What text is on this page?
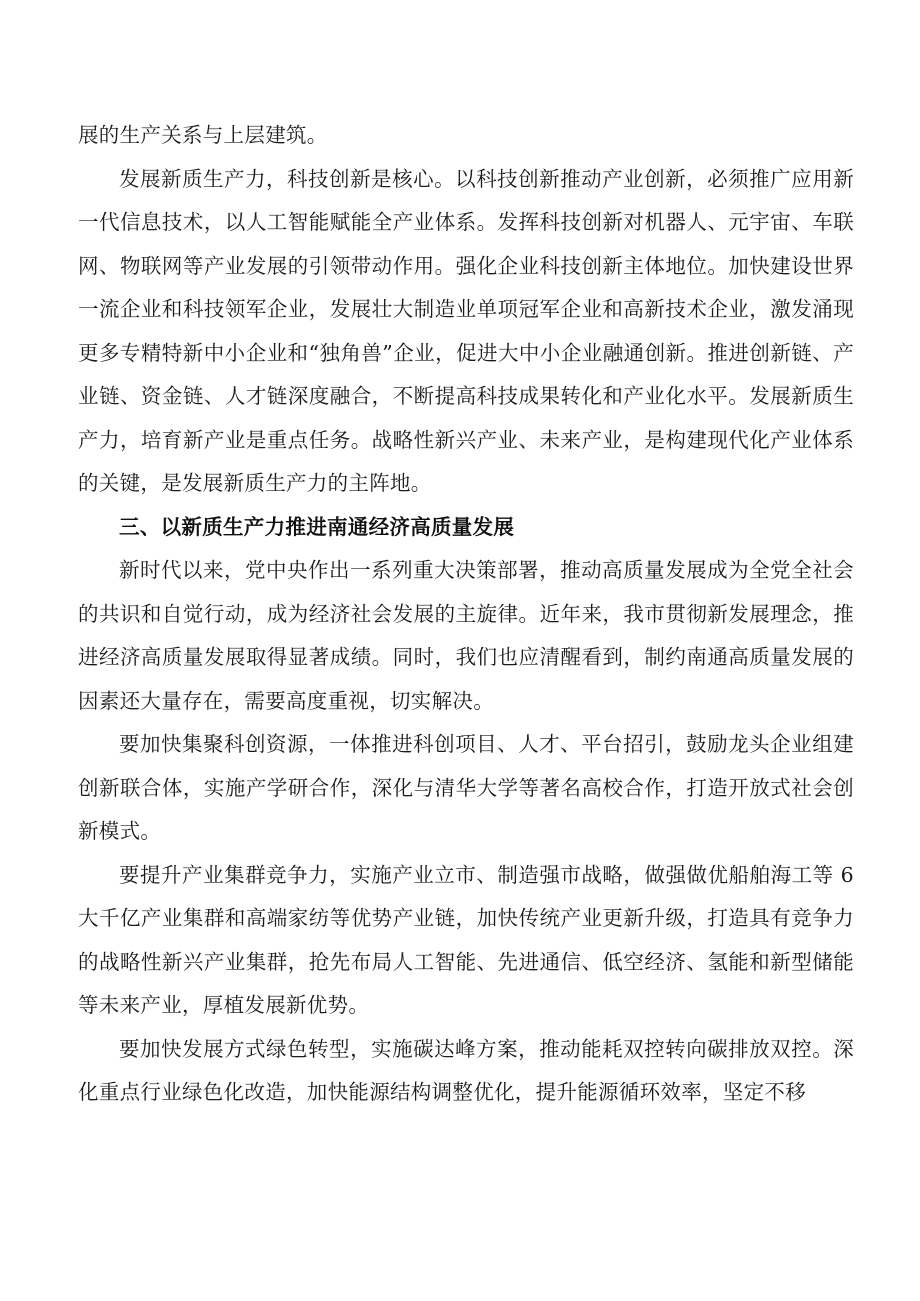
展的生产关系与上层建筑。

发展新质生产力，科技创新是核心。以科技创新推动产业创新，必须推广应用新一代信息技术，以人工智能赋能全产业体系。发挥科技创新对机器人、元宇宙、车联网、物联网等产业发展的引领带动作用。强化企业科技创新主体地位。加快建设世界一流企业和科技领军企业，发展壮大制造业单项冠军企业和高新技术企业，激发涌现更多专精特新中小企业和“独角兽”企业，促进大中小企业融通创新。推进创新链、产业链、资金链、人才链深度融合，不断提高科技成果转化和产业化水平。发展新质生产力，培育新产业是重点任务。战略性新兴产业、未来产业，是构建现代化产业体系的关键，是发展新质生产力的主阵地。

三、以新质生产力推进南通经济高质量发展

新时代以来，党中央作出一系列重大决策部署，推动高质量发展成为全党全社会的共识和自觉行动，成为经济社会发展的主旋律。近年来，我市贯彻新发展理念，推进经济高质量发展取得显著成绩。同时，我们也应清醒看到，制约南通高质量发展的因素还大量存在，需要高度重视，切实解决。

要加快集聚科创资源，一体推进科创项目、人才、平台招引，鼓励龙头企业组建创新联合体，实施产学研合作，深化与清华大学等著名高校合作，打造开放式社会创新模式。

要提升产业集群竞争力，实施产业立市、制造强市战略，做强做优船舶海工等 6 大千亿产业集群和高端家纺等优势产业链，加快传统产业更新升级，打造具有竞争力的战略性新兴产业集群，抢先布局人工智能、先进通信、低空经济、氢能和新型储能等未来产业，厚植发展新优势。

要加快发展方式绿色转型，实施碳达峰方案，推动能耗双控转向碳排放双控。深化重点行业绿色化改造，加快能源结构调整优化，提升能源循环效率，坚定不移
